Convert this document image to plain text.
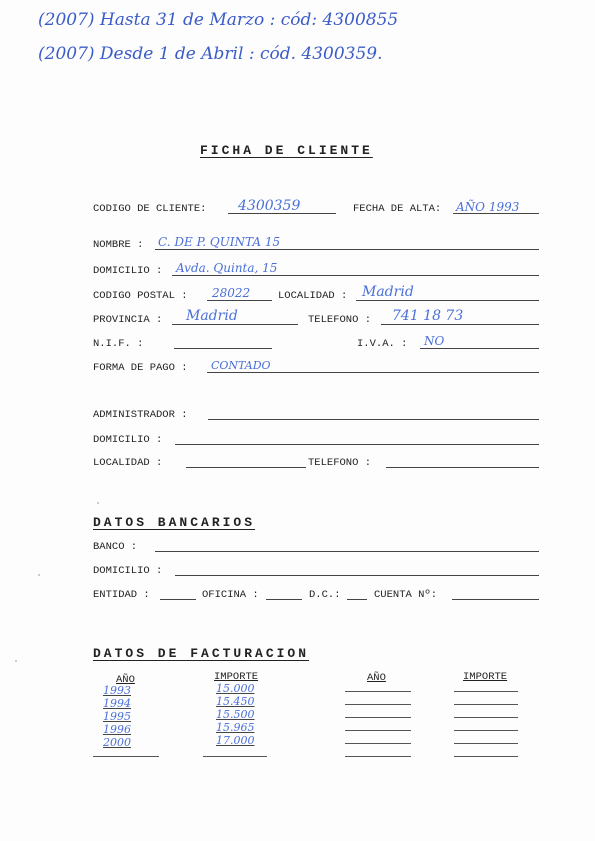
(2007) Hasta 31 de Marzo : cód: 4300855
(2007) Desde 1 de Abril : cód. 4300359.
FICHA DE CLIENTE
CODIGO DE CLIENTE: 4300359	FECHA DE ALTA: AÑO 1993
NOMBRE : C. DE P. QUINTA 15
DOMICILIO : Avda. Quinta, 15
CODIGO POSTAL : 28022	LOCALIDAD : Madrid
PROVINCIA : Madrid	TELEFONO : 741 18 73
N.I.F. :	I.V.A. : NO
FORMA DE PAGO : CONTADO
ADMINISTRADOR :
DOMICILIO :
LOCALIDAD :	TELEFONO :
DATOS BANCARIOS
BANCO :
DOMICILIO :
ENTIDAD :	OFICINA :	D.C.:	CUENTA Nº:
DATOS DE FACTURACION
AÑO	IMPORTE	AÑO	IMPORTE
1993	15.000
1994	15.450
1995	15.500
1996	15.965
2000	17.000
